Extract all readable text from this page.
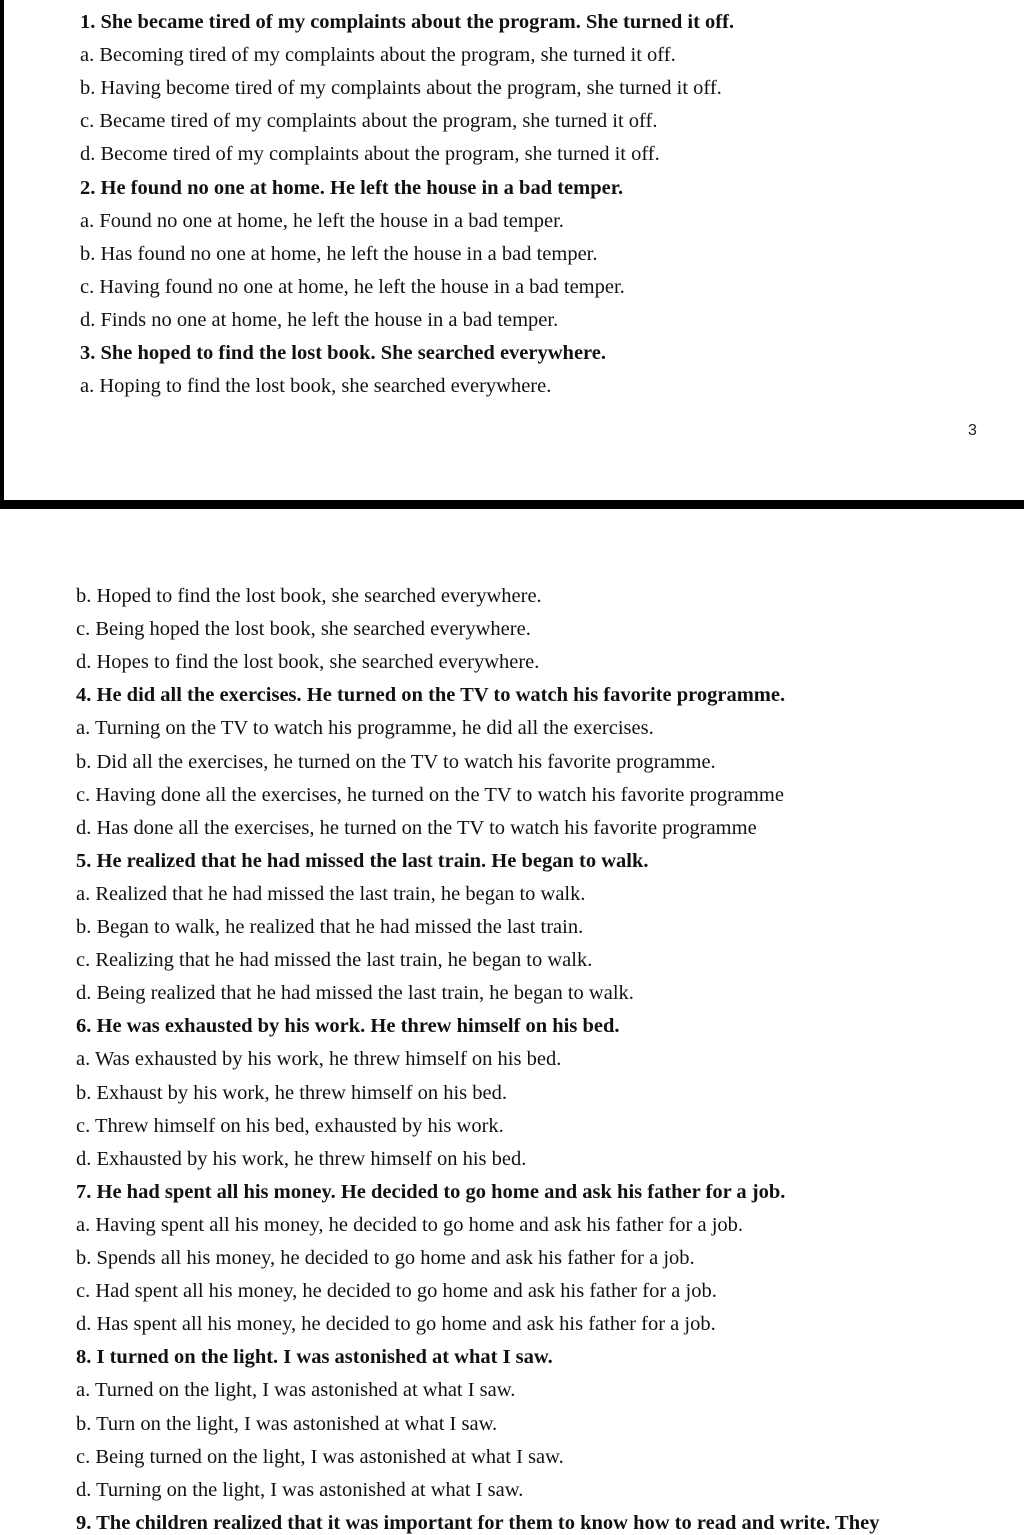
3
1. She became tired of my complaints about the program. She turned it off.
a. Becoming tired of my complaints about the program, she turned it off.
b. Having become tired of my complaints about the program, she turned it off.
c. Became tired of my complaints about the program, she turned it off.
d. Become tired of my complaints about the program, she turned it off.
2. He found no one at home. He left the house in a bad temper.
a. Found no one at home, he left the house in a bad temper.
b. Has found no one at home, he left the house in a bad temper.
c. Having found no one at home, he left the house in a bad temper.
d. Finds no one at home, he left the house in a bad temper.
3. She hoped to find the lost book. She searched everywhere.
a. Hoping to find the lost book, she searched everywhere.
b. Hoped to find the lost book, she searched everywhere.
c. Being hoped the lost book, she searched everywhere.
d. Hopes to find the lost book, she searched everywhere.
4. He did all the exercises. He turned on the TV to watch his favorite programme.
a. Turning on the TV to watch his programme, he did all the exercises.
b. Did all the exercises, he turned on the TV to watch his favorite programme.
c. Having done all the exercises, he turned on the TV to watch his favorite programme
d. Has done all the exercises, he turned on the TV to watch his favorite programme
5. He realized that he had missed the last train. He began to walk.
a. Realized that he had missed the last train, he began to walk.
b. Began to walk, he realized that he had missed the last train.
c. Realizing that he had missed the last train, he began to walk.
d. Being realized that he had missed the last train, he began to walk.
6. He was exhausted by his work. He threw himself on his bed.
a. Was exhausted by his work, he threw himself on his bed.
b. Exhaust by his work, he threw himself on his bed.
c. Threw himself on his bed, exhausted by his work.
d. Exhausted by his work, he threw himself on his bed.
7. He had spent all his money. He decided to go home and ask his father for a job.
a. Having spent all his money, he decided to go home and ask his father for a job.
b. Spends all his money, he decided to go home and ask his father for a job.
c. Had spent all his money, he decided to go home and ask his father for a job.
d. Has spent all his money, he decided to go home and ask his father for a job.
8. I turned on the light. I was astonished at what I saw.
a. Turned on the light, I was astonished at what I saw.
b. Turn on the light, I was astonished at what I saw.
c. Being turned on the light, I was astonished at what I saw.
d. Turning on the light, I was astonished at what I saw.
9. The children realized that it was important for them to know how to read and write. They
